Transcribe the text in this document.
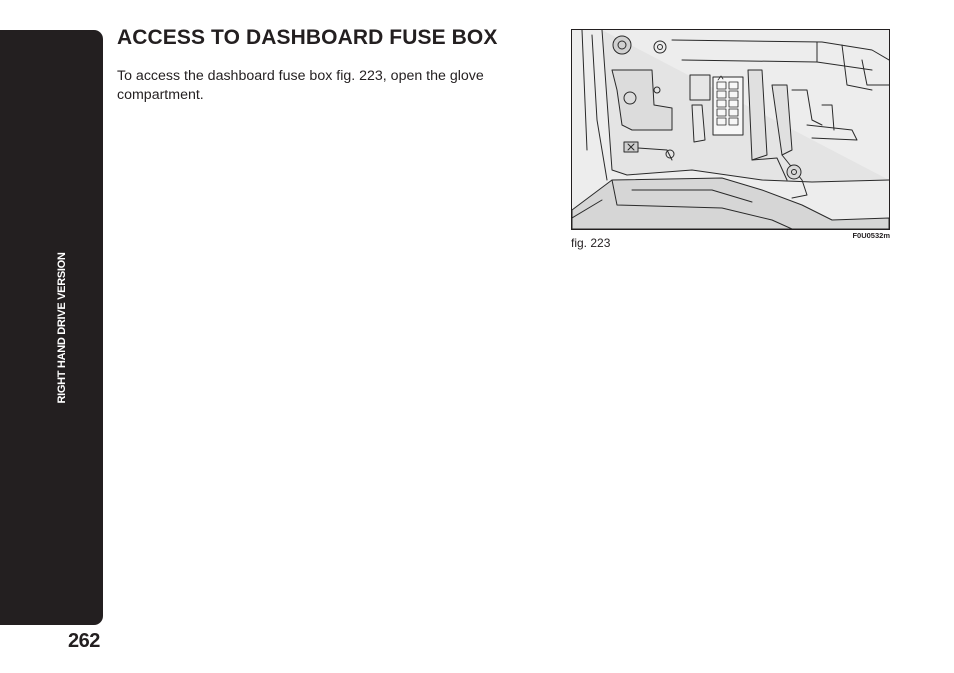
RIGHT HAND DRIVE VERSION
262
ACCESS TO DASHBOARD FUSE BOX

To access the dashboard fuse box fig. 223, open the glove compartment.

fig. 223
F0U0532m
